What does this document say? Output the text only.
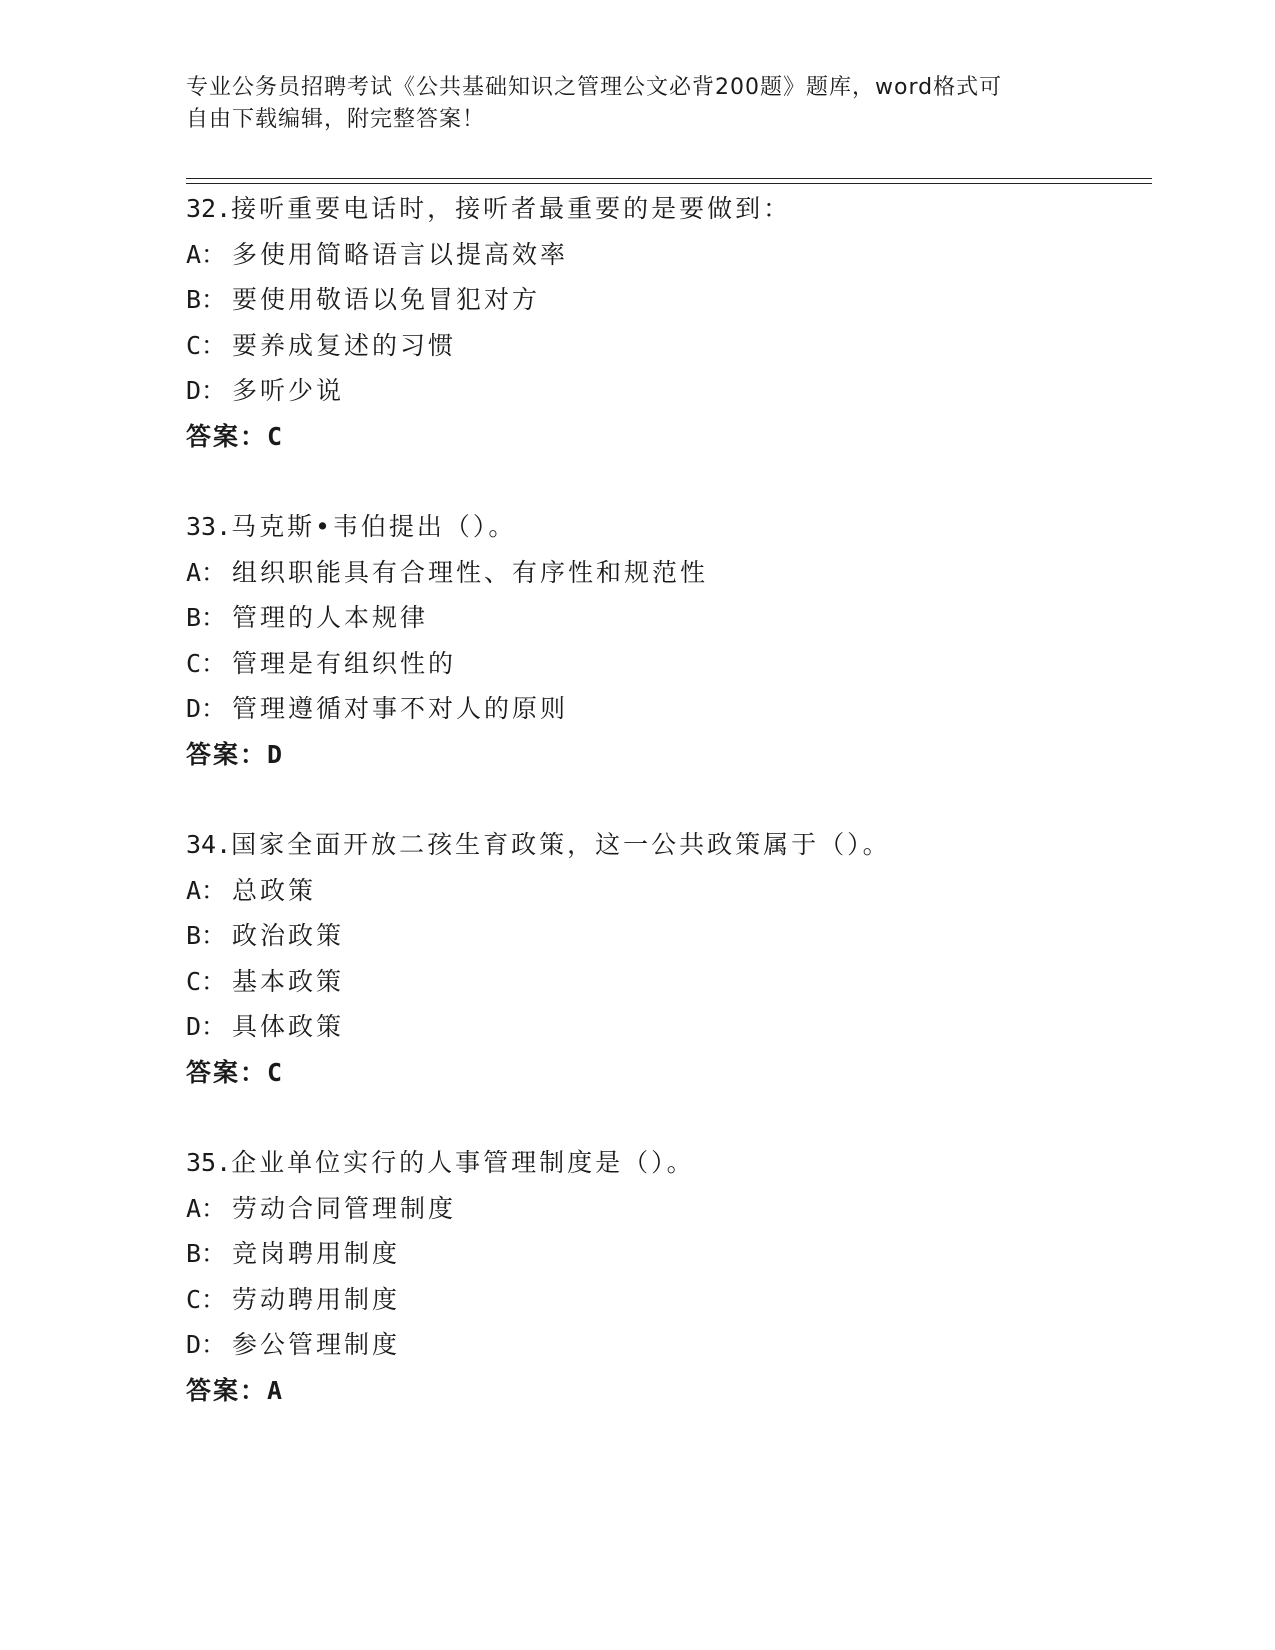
专业公务员招聘考试《公共基础知识之管理公文必背200题》题库，word格式可

自由下载编辑，附完整答案！

32.接听重要电话时，接听者最重要的是要做到：
A： 多使用简略语言以提高效率
B： 要使用敬语以免冒犯对方
C： 要养成复述的习惯
D： 多听少说
答案：C
33.马克斯•韦伯提出（）。
A： 组织职能具有合理性、有序性和规范性
B： 管理的人本规律
C： 管理是有组织性的
D： 管理遵循对事不对人的原则
答案：D
34.国家全面开放二孩生育政策，这一公共政策属于（）。
A： 总政策
B： 政治政策
C： 基本政策
D： 具体政策
答案：C
35.企业单位实行的人事管理制度是（）。
A： 劳动合同管理制度
B： 竞岗聘用制度
C： 劳动聘用制度
D： 参公管理制度
答案：A
